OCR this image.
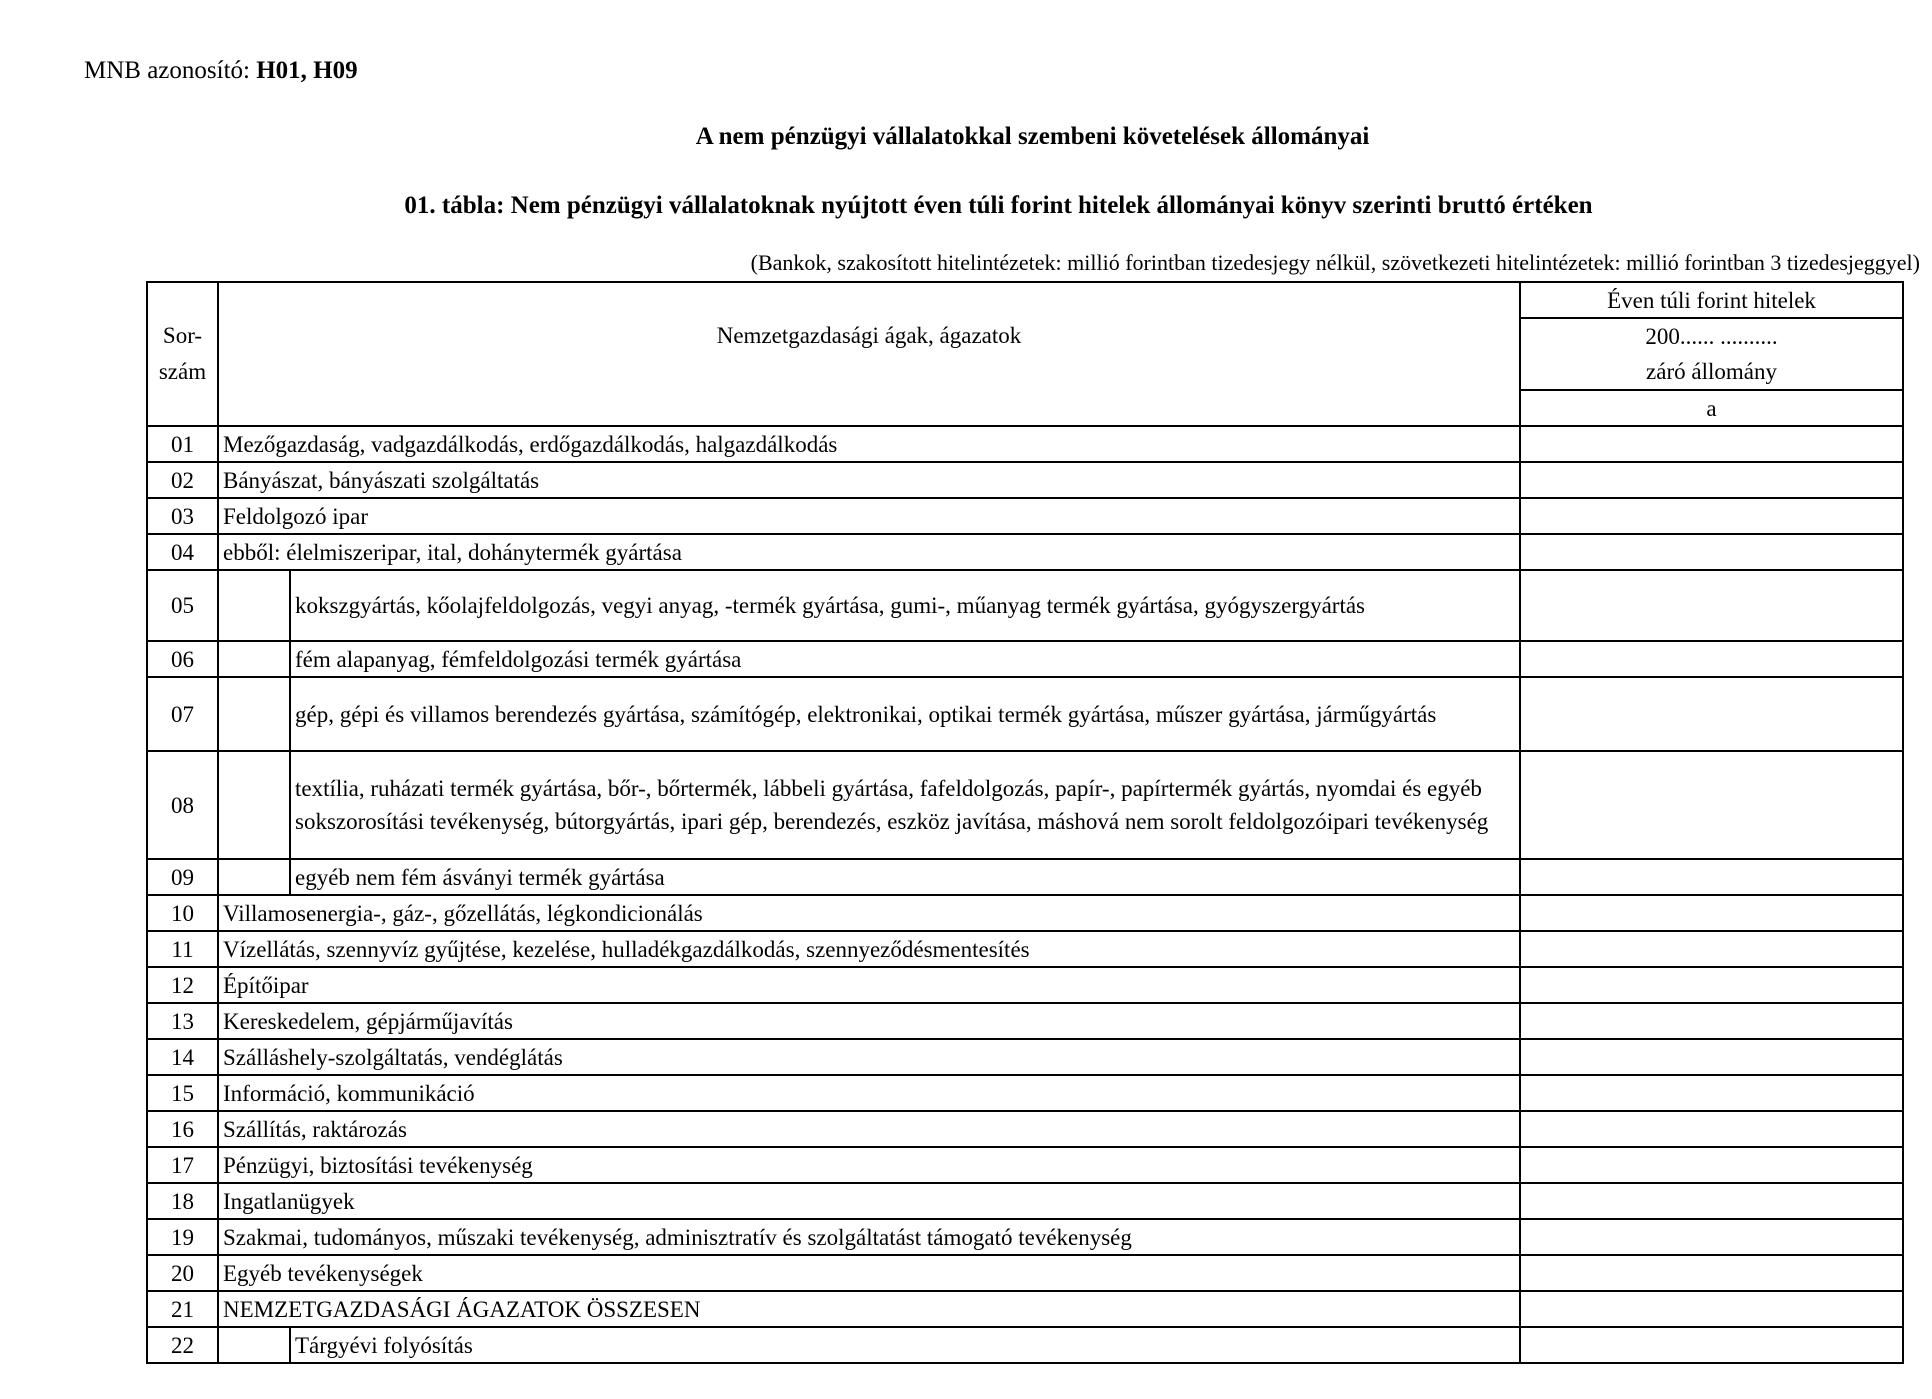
MNB azonosító: H01, H09
A nem pénzügyi vállalatokkal szembeni követelések állományai
01. tábla: Nem pénzügyi vállalatoknak nyújtott éven túli forint hitelek állományai könyv szerinti bruttó értéken
(Bankok, szakosított hitelintézetek: millió forintban tizedesjegy nélkül, szövetkezeti hitelintézetek: millió forintban 3 tizedesjeggyel)
Sor-
szám	Nemzetgazdasági ágak, ágazatok		Éven túli forint hitelek
			200...... ..........
			záró állomány
			a
01	Mezőgazdaság, vadgazdálkodás, erdőgazdálkodás, halgazdálkodás		
02	Bányászat, bányászati szolgáltatás		
03	Feldolgozó ipar		
04	ebből: élelmiszeripar, ital, dohánytermék gyártása		
05		kokszgyártás, kőolajfeldolgozás, vegyi anyag, -termék gyártása, gumi-, műanyag termék gyártása, gyógyszergyártás	
06		fém alapanyag, fémfeldolgozási termék gyártása	
07		gép, gépi és villamos berendezés gyártása, számítógép, elektronikai, optikai termék gyártása, műszer gyártása, járműgyártás	
08		textília, ruházati termék gyártása, bőr-, bőrtermék, lábbeli gyártása, fafeldolgozás, papír-, papírtermék gyártás, nyomdai és egyéb sokszorosítási tevékenység, bútorgyártás, ipari gép, berendezés, eszköz javítása, máshová nem sorolt feldolgozóipari tevékenység	
09		egyéb nem fém ásványi termék gyártása	
10	Villamosenergia-, gáz-, gőzellátás, légkondicionálás		
11	Vízellátás, szennyvíz gyűjtése, kezelése, hulladékgazdálkodás, szennyeződésmentesítés		
12	Építőipar		
13	Kereskedelem, gépjárműjavítás		
14	Szálláshely-szolgáltatás, vendéglátás		
15	Információ, kommunikáció		
16	Szállítás, raktározás		
17	Pénzügyi, biztosítási tevékenység		
18	Ingatlanügyek		
19	Szakmai, tudományos, műszaki tevékenység, adminisztratív és szolgáltatást támogató tevékenység		
20	Egyéb tevékenységek		
21	NEMZETGAZDASÁGI ÁGAZATOK ÖSSZESEN		
22		Tárgyévi folyósítás	
